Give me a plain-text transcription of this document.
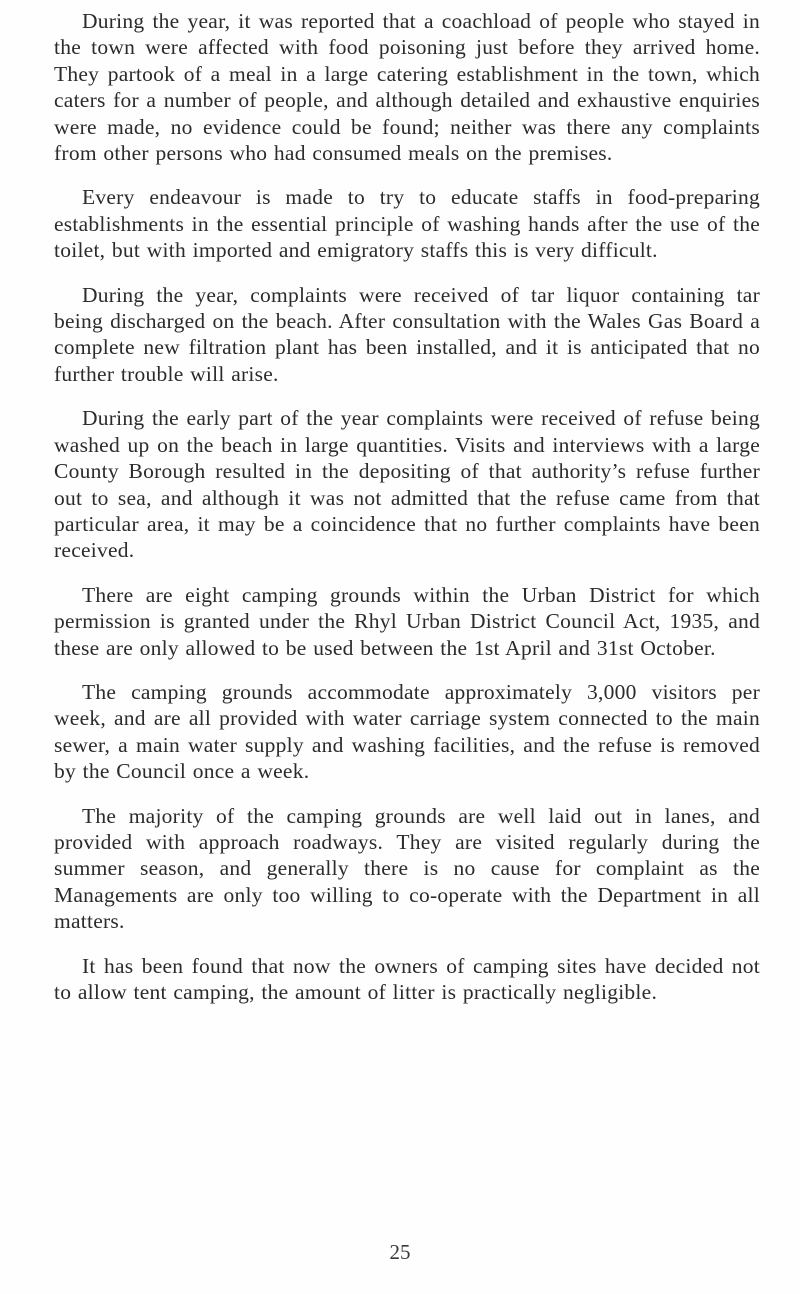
During the year, it was reported that a coachload of people who stayed in the town were affected with food poisoning just before they arrived home. They partook of a meal in a large catering establishment in the town, which caters for a number of people, and although detailed and exhaustive enquiries were made, no evidence could be found; neither was there any complaints from other persons who had consumed meals on the premises.

Every endeavour is made to try to educate staffs in food-preparing establishments in the essential principle of washing hands after the use of the toilet, but with imported and emigratory staffs this is very difficult.

During the year, complaints were received of tar liquor containing tar being discharged on the beach. After consultation with the Wales Gas Board a complete new filtration plant has been installed, and it is anticipated that no further trouble will arise.

During the early part of the year complaints were received of refuse being washed up on the beach in large quantities. Visits and interviews with a large County Borough resulted in the depositing of that authority’s refuse further out to sea, and although it was not admitted that the refuse came from that particular area, it may be a coincidence that no further complaints have been received.

There are eight camping grounds within the Urban District for which permission is granted under the Rhyl Urban District Council Act, 1935, and these are only allowed to be used between the 1st April and 31st October.

The camping grounds accommodate approximately 3,000 visitors per week, and are all provided with water carriage system connected to the main sewer, a main water supply and washing facilities, and the refuse is removed by the Council once a week.

The majority of the camping grounds are well laid out in lanes, and provided with approach roadways. They are visited regularly during the summer season, and generally there is no cause for complaint as the Managements are only too willing to co-operate with the Department in all matters.

It has been found that now the owners of camping sites have decided not to allow tent camping, the amount of litter is practically negligible.

25
